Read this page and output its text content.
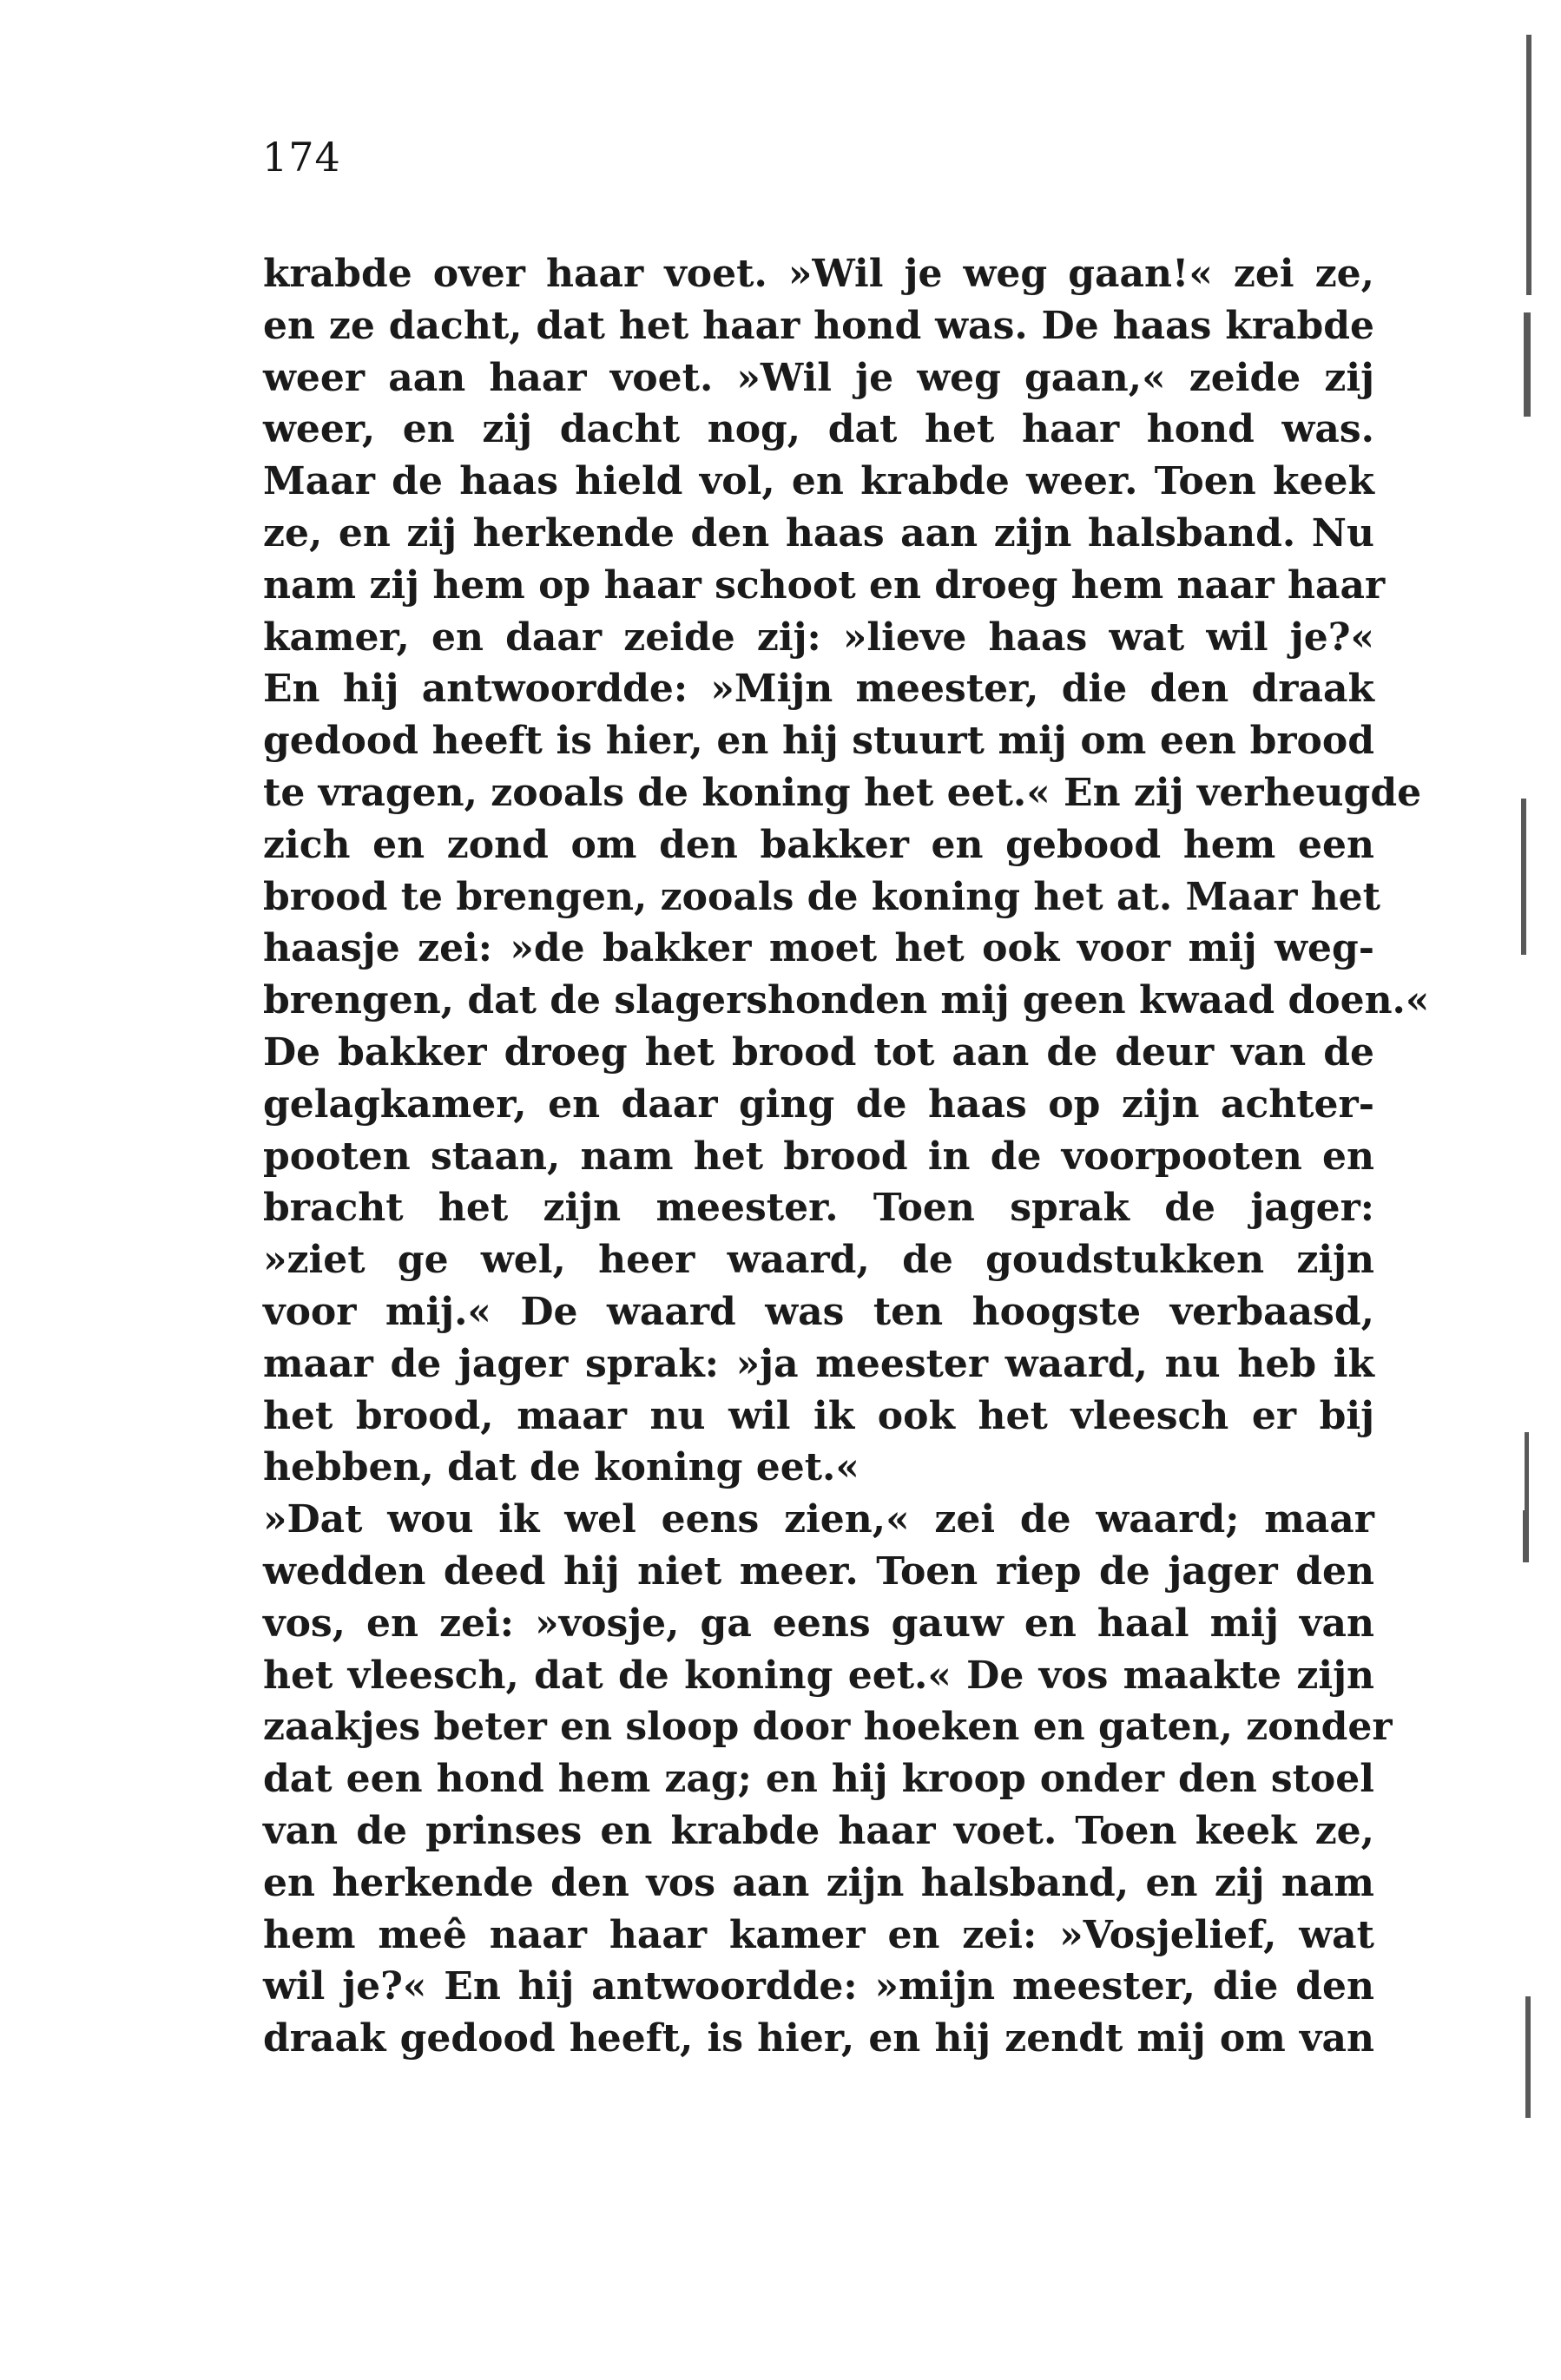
174
krabde over haar voet. »Wil je weg gaan!« zei ze,
en ze dacht, dat het haar hond was. De haas krabde
weer aan haar voet. »Wil je weg gaan,« zeide zij
weer, en zij dacht nog, dat het haar hond was.
Maar de haas hield vol, en krabde weer. Toen keek
ze, en zij herkende den haas aan zijn halsband. Nu
nam zij hem op haar schoot en droeg hem naar haar
kamer, en daar zeide zij: »lieve haas wat wil je?«
En hij antwoordde: »Mijn meester, die den draak
gedood heeft is hier, en hij stuurt mij om een brood
te vragen, zooals de koning het eet.« En zij verheugde
zich en zond om den bakker en gebood hem een
brood te brengen, zooals de koning het at. Maar het
haasje zei: »de bakker moet het ook voor mij weg-
brengen, dat de slagershonden mij geen kwaad doen.«
De bakker droeg het brood tot aan de deur van de
gelagkamer, en daar ging de haas op zijn achter-
pooten staan, nam het brood in de voorpooten en
bracht het zijn meester. Toen sprak de jager:
»ziet ge wel, heer waard, de goudstukken zijn
voor mij.« De waard was ten hoogste verbaasd,
maar de jager sprak: »ja meester waard, nu heb ik
het brood, maar nu wil ik ook het vleesch er bij
hebben, dat de koning eet.«
»Dat wou ik wel eens zien,« zei de waard; maar
wedden deed hij niet meer. Toen riep de jager den
vos, en zei: »vosje, ga eens gauw en haal mij van
het vleesch, dat de koning eet.« De vos maakte zijn
zaakjes beter en sloop door hoeken en gaten, zonder
dat een hond hem zag; en hij kroop onder den stoel
van de prinses en krabde haar voet. Toen keek ze,
en herkende den vos aan zijn halsband, en zij nam
hem meê naar haar kamer en zei: »Vosjelief, wat
wil je?« En hij antwoordde: »mijn meester, die den
draak gedood heeft, is hier, en hij zendt mij om van
